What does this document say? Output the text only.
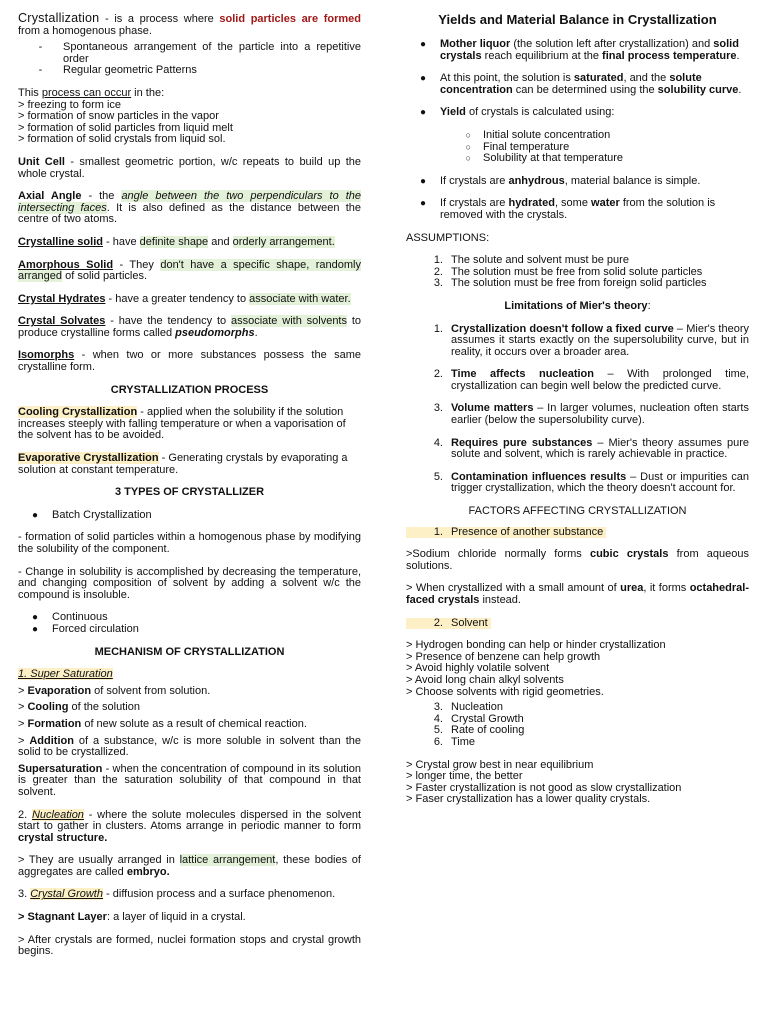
Crystallization - is a process where solid particles are formed from a homogenous phase.

-	Spontaneous arrangement of the particle into a repetitive order
-	Regular geometric Patterns

This process can occur in the:

> freezing to form ice

> formation of snow particles in the vapor

> formation of solid particles from liquid melt

> formation of solid crystals from liquid sol.

Unit Cell - smallest geometric portion, w/c repeats to build up the whole crystal.

Axial Angle - the angle between the two perpendiculars to the intersecting faces. It is also defined as the distance between the centre of two atoms.

Crystalline solid - have definite shape and orderly arrangement.

Amorphous Solid - They don't have a specific shape, randomly arranged of solid particles.

Crystal Hydrates - have a greater tendency to associate with water.

Crystal Solvates - have the tendency to associate with solvents to produce crystalline forms called pseudomorphs.

Isomorphs - when two or more substances possess the same crystalline form.

CRYSTALLIZATION PROCESS

Cooling Crystallization - applied when the solubility if the solution increases steeply with falling temperature or when a vaporisation of the solvent has to be avoided.

Evaporative Crystallization - Generating crystals by evaporating a solution at constant temperature.

3 TYPES OF CRYSTALLIZER

●	Batch Crystallization

- formation of solid particles within a homogenous phase by modifying the solubility of the component.

- Change in solubility is accomplished by decreasing the temperature, and changing composition of solvent by adding a solvent w/c the compound is insoluble.

●	Continuous
●	Forced circulation

MECHANISM OF CRYSTALLIZATION

1. Super Saturation

> Evaporation of solvent from solution.

> Cooling of the solution

> Formation of new solute as a result of chemical reaction.

> Addition of a substance, w/c is more soluble in solvent than the solid to be crystallized.

Supersaturation - when the concentration of compound in its solution is greater than the saturation solubility of that compound in that solvent.

2. Nucleation - where the solute molecules dispersed in the solvent start to gather in clusters. Atoms arrange in periodic manner to form crystal structure.

> They are usually arranged in lattice arrangement, these bodies of aggregates are called embryo.

3. Crystal Growth - diffusion process and a surface phenomenon.

> Stagnant Layer: a layer of liquid in a crystal.

> After crystals are formed, nuclei formation stops and crystal growth begins.

Yields and Material Balance in Crystallization

●	Mother liquor (the solution left after crystallization) and solid crystals reach equilibrium at the final process temperature.
●	At this point, the solution is saturated, and the solute concentration can be determined using the solubility curve.
●	Yield of crystals is calculated using:
○	Initial solute concentration
○	Final temperature
○	Solubility at that temperature
●	If crystals are anhydrous, material balance is simple.
●	If crystals are hydrated, some water from the solution is removed with the crystals.

ASSUMPTIONS:

1. The solute and solvent must be pure
2. The solution must be free from solid solute particles
3. The solution must be free from foreign solid particles

Limitations of Mier's theory:

1. Crystallization doesn't follow a fixed curve – Mier's theory assumes it starts exactly on the supersolubility curve, but in reality, it occurs over a broader area.
2. Time affects nucleation – With prolonged time, crystallization can begin well below the predicted curve.
3. Volume matters – In larger volumes, nucleation often starts earlier (below the supersolubility curve).
4. Requires pure substances – Mier's theory assumes pure solute and solvent, which is rarely achievable in practice.
5. Contamination influences results – Dust or impurities can trigger crystallization, which the theory doesn't account for.

FACTORS AFFECTING CRYSTALLIZATION

1. Presence of another substance

>Sodium chloride normally forms cubic crystals from aqueous solutions.

> When crystallized with a small amount of urea, it forms octahedral-faced crystals instead.

2. Solvent

> Hydrogen bonding can help or hinder crystallization

> Presence of benzene can help growth

> Avoid highly volatile solvent

> Avoid long chain alkyl solvents

> Choose solvents with rigid geometries.

3. Nucleation
4. Crystal Growth
5. Rate of cooling
6. Time

> Crystal grow best in near equilibrium

> longer time, the better

> Faster crystallization is not good as slow crystallization

> Faser crystallization has a lower quality crystals.
